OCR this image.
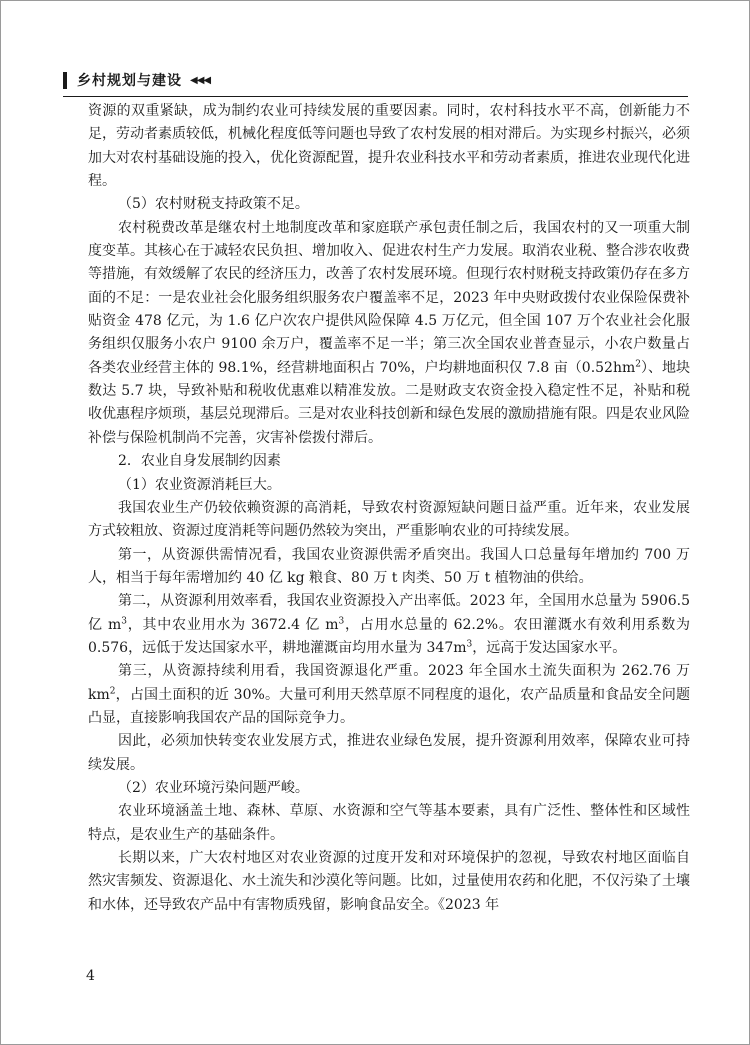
乡村规划与建设 ◀◀◀

资源的双重紧缺，成为制约农业可持续发展的重要因素。同时，农村科技水平不高，创新能力不足，劳动者素质较低，机械化程度低等问题也导致了农村发展的相对滞后。为实现乡村振兴，必须加大对农村基础设施的投入，优化资源配置，提升农业科技水平和劳动者素质，推进农业现代化进程。

（5）农村财税支持政策不足。

农村税费改革是继农村土地制度改革和家庭联产承包责任制之后，我国农村的又一项重大制度变革。其核心在于减轻农民负担、增加收入、促进农村生产力发展。取消农业税、整合涉农收费等措施，有效缓解了农民的经济压力，改善了农村发展环境。但现行农村财税支持政策仍存在多方面的不足：一是农业社会化服务组织服务农户覆盖率不足，2023 年中央财政拨付农业保险保费补贴资金 478 亿元，为 1.6 亿户次农户提供风险保障 4.5 万亿元，但全国 107 万个农业社会化服务组织仅服务小农户 9100 余万户，覆盖率不足一半；第三次全国农业普查显示，小农户数量占各类农业经营主体的 98.1%，经营耕地面积占 70%，户均耕地面积仅 7.8 亩$(0.52hm^2)$、地块数达 5.7 块，导致补贴和税收优惠难以精准发放。二是财政支农资金投入稳定性不足，补贴和税收优惠程序烦琐，基层兑现滞后。三是对农业科技创新和绿色发展的激励措施有限。四是农业风险补偿与保险机制尚不完善，灾害补偿拨付滞后。

2．农业自身发展制约因素

（1）农业资源消耗巨大。

我国农业生产仍较依赖资源的高消耗，导致农村资源短缺问题日益严重。近年来，农业发展方式较粗放、资源过度消耗等问题仍然较为突出，严重影响农业的可持续发展。

第一，从资源供需情况看，我国农业资源供需矛盾突出。我国人口总量每年增加约 700 万人，相当于每年需增加约 40 亿 kg 粮食、80 万 t 肉类、50 万 t 植物油的供给。

第二，从资源利用效率看，我国农业资源投入产出率低。2023 年，全国用水总量为 5906.5 亿 $m^3$，其中农业用水为 3672.4 亿 $m^3$，占用水总量的 62.2%。农田灌溉水有效利用系数为 0.576，远低于发达国家水平，耕地灌溉亩均用水量为 $347m^3$，远高于发达国家水平。

第三，从资源持续利用看，我国资源退化严重。2023 年全国水土流失面积为 262.76 万 $km^2$，占国土面积的近 30%。大量可利用天然草原不同程度的退化，农产品质量和食品安全问题凸显，直接影响我国农产品的国际竞争力。

因此，必须加快转变农业发展方式，推进农业绿色发展，提升资源利用效率，保障农业可持续发展。

（2）农业环境污染问题严峻。

农业环境涵盖土地、森林、草原、水资源和空气等基本要素，具有广泛性、整体性和区域性特点，是农业生产的基础条件。

长期以来，广大农村地区对农业资源的过度开发和对环境保护的忽视，导致农村地区面临自然灾害频发、资源退化、水土流失和沙漠化等问题。比如，过量使用农药和化肥，不仅污染了土壤和水体，还导致农产品中有害物质残留，影响食品安全。《2023 年

4
